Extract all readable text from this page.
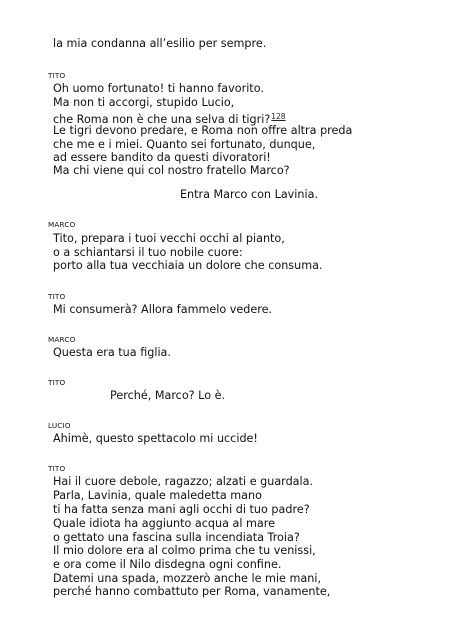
la mia condanna all’esilio per sempre.
TITO
Oh uomo fortunato! ti hanno favorito.
Ma non ti accorgi, stupido Lucio,
che Roma non è che una selva di tigri?$^{128}$
Le tigri devono predare, e Roma non offre altra preda
che me e i miei. Quanto sei fortunato, dunque,
ad essere bandito da questi divoratori!
Ma chi viene qui col nostro fratello Marco?
Entra Marco con Lavinia.
MARCO
Tito, prepara i tuoi vecchi occhi al pianto,
o a schiantarsi il tuo nobile cuore:
porto alla tua vecchiaia un dolore che consuma.
TITO
Mi consumerà? Allora fammelo vedere.
MARCO
Questa era tua figlia.
TITO
Perché, Marco? Lo è.
LUCIO
Ahimè, questo spettacolo mi uccide!
TITO
Hai il cuore debole, ragazzo; alzati e guardala.
Parla, Lavinia, quale maledetta mano
ti ha fatta senza mani agli occhi di tuo padre?
Quale idiota ha aggiunto acqua al mare
o gettato una fascina sulla incendiata Troia?
Il mio dolore era al colmo prima che tu venissi,
e ora come il Nilo disdegna ogni confine.
Datemi una spada, mozzerò anche le mie mani,
perché hanno combattuto per Roma, vanamente,
